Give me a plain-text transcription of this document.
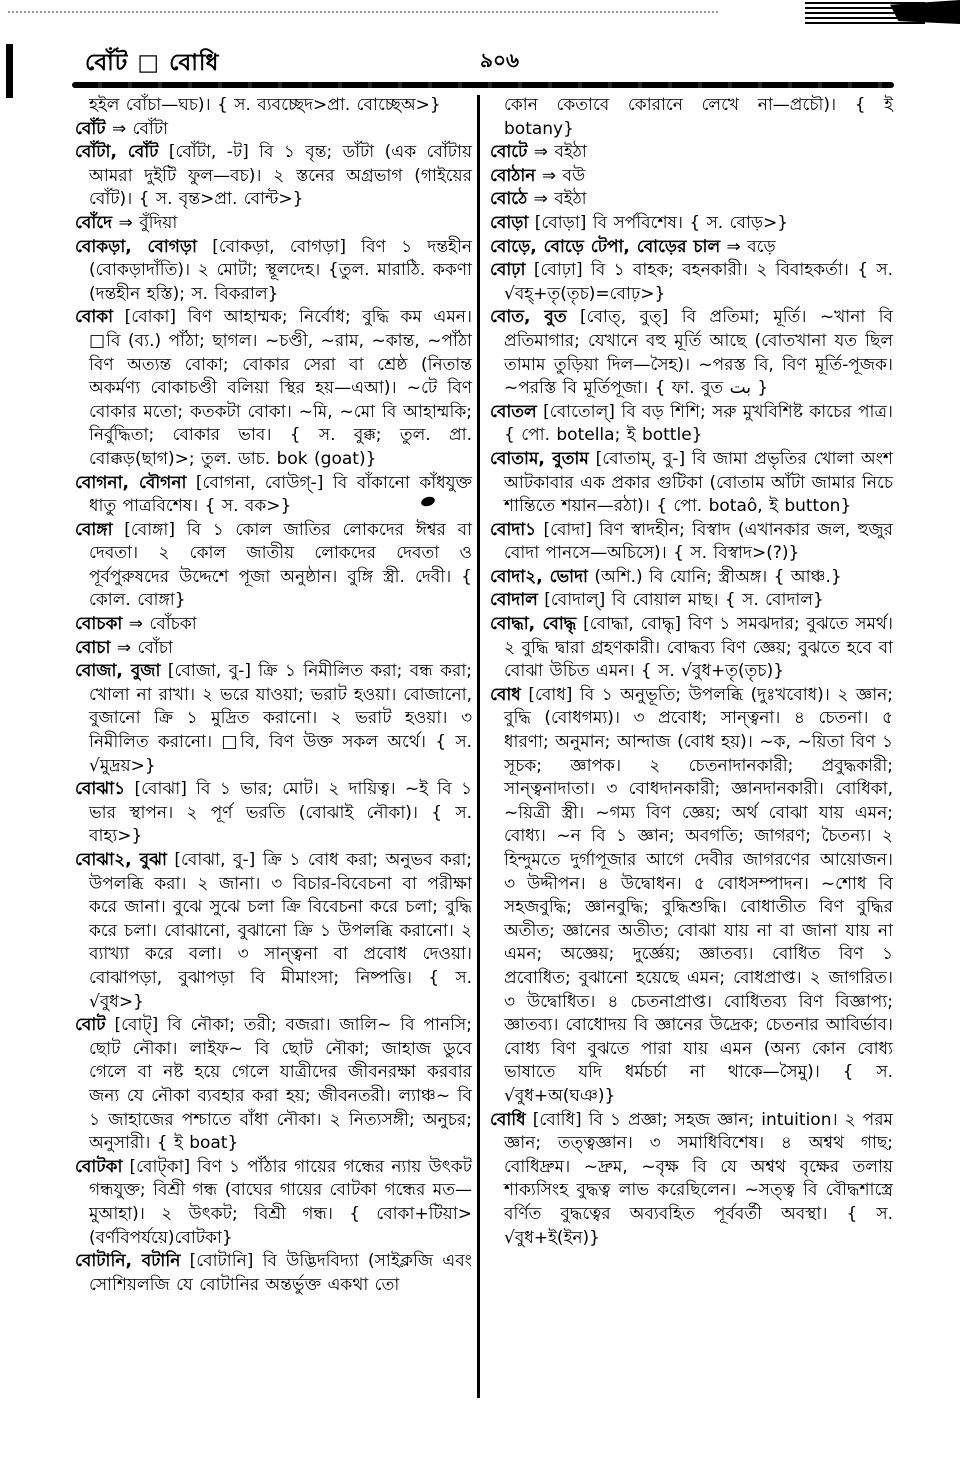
বোঁট □ বোধি	৯০৬

হইল বোঁচা—ঘচ)। { স. ব্যবচ্ছেদ>প্রা. বোচ্ছেঅ>}

বোঁট ⇒ বোঁটা

বোঁটা, বোঁট [বোঁটা, -ট] বি ১ বৃন্ত; ডাঁটা (এক বোঁটায় আমরা দুইটি ফুল—বচ)। ২ স্তনের অগ্রভাগ (গাইয়ের বোঁট)। { স. বৃন্ত>প্রা. বোন্ট>}

বোঁদে ⇒ বুঁদিয়া

বোকড়া, বোগড়া [বোকড়া, বোগড়া] বিণ ১ দন্তহীন (বোকড়াদাঁতি)। ২ মোটা; স্থূলদেহ। {তুল. মারাঠি. ককণা (দন্তহীন হস্তি); স. বিকরাল}

বোকা [বোকা] বিণ আহাম্মক; নির্বোধ; বুদ্ধি কম এমন। □বি (ব্য.) পাঁঠা; ছাগল। ~চণ্ডী, ~রাম, ~কান্ত, ~পাঁঠা বিণ অত্যন্ত বোকা; বোকার সেরা বা শ্রেষ্ঠ (নিতান্ত অকর্মণ্য বোকাচণ্ডী বলিয়া স্থির হয়—এআ)। ~টে বিণ বোকার মতো; কতকটা বোকা। ~মি, ~মো বি আহাম্মকি; নির্বুদ্ধিতা; বোকার ভাব। { স. বুক্ক; তুল. প্রা. বোক্কড়(ছাগ)>; তুল. ডাচ. bok (goat)}

বোগনা, বৌগনা [বোগনা, বোউগ্-] বি বাঁকানো কাঁধযুক্ত ধাতু পাত্রবিশেষ। { স. বক>}

বোঙ্গা [বোঙ্গা] বি ১ কোল জাতির লোকদের ঈশ্বর বা দেবতা। ২ কোল জাতীয় লোকদের দেবতা ও পূর্বপুরুষদের উদ্দেশে পূজা অনুষ্ঠান। বুঙ্গি স্ত্রী. দেবী। { কোল. বোঙ্গা}

বোচকা ⇒ বোঁচকা

বোচা ⇒ বোঁচা

বোজা, বুজা [বোজা, বু-] ক্রি ১ নিমীলিত করা; বন্ধ করা; খোলা না রাখা। ২ ভরে যাওয়া; ভরাট হওয়া। বোজানো, বুজানো ক্রি ১ মুদ্রিত করানো। ২ ভরাট হওয়া। ৩ নিমীলিত করানো। □বি, বিণ উক্ত সকল অর্থে। { স. √মুদ্রয়>}

বোঝা১ [বোঝা] বি ১ ভার; মোট। ২ দায়িত্ব। ~ই বি ১ ভার স্থাপন। ২ পূর্ণ ভরতি (বোঝাই নৌকা)। { স. বাহ্য>}

বোঝা২, বুঝা [বোঝা, বু-] ক্রি ১ বোধ করা; অনুভব করা; উপলব্ধি করা। ২ জানা। ৩ বিচার-বিবেচনা বা পরীক্ষা করে জানা। বুঝে সুঝে চলা ক্রি বিবেচনা করে চলা; বুদ্ধি করে চলা। বোঝানো, বুঝানো ক্রি ১ উপলব্ধি করানো। ২ ব্যাখ্যা করে বলা। ৩ সান্ত্বনা বা প্রবোধ দেওয়া। বোঝাপড়া, বুঝাপড়া বি মীমাংসা; নিষ্পত্তি। { স. √বুধ>}

বোট [বোট্] বি নৌকা; তরী; বজরা। জালি~ বি পানসি; ছোট নৌকা। লাইফ~ বি ছোট নৌকা; জাহাজ ডুবে গেলে বা নষ্ট হয়ে গেলে যাত্রীদের জীবনরক্ষা করবার জন্য যে নৌকা ব্যবহার করা হয়; জীবনতরী। ল্যাঞ্চ~ বি ১ জাহাজের পশ্চাতে বাঁধা নৌকা। ২ নিত্যসঙ্গী; অনুচর; অনুসারী। { ই boat}

বোটকা [বোট্কা] বিণ ১ পাঁঠার গায়ের গন্ধের ন্যায় উৎকট গন্ধযুক্ত; বিশ্রী গন্ধ (বাঘের গায়ের বোটকা গন্ধের মত—মুআহা)। ২ উৎকট; বিশ্রী গন্ধ। { বোকা+টিয়া> (বর্ণবিপর্যয়ে)বোটকা}

বোটানি, বটানি [বোটানি] বি উদ্ভিদবিদ্যা (সাইক্লজি এবং সোশিয়লজি যে বোটানির অন্তর্ভুক্ত একথা তো

কোন কেতাবে কোরানে লেখে না—প্রচৌ)। { ই botany}

বোটে ⇒ বইঠা

বোঠান ⇒ বউ

বোঠে ⇒ বইঠা

বোড়া [বোড়া] বি সর্পবিশেষ। { স. বোড়>}

বোড়ে, বোড়ে টেপা, বোড়ের চাল ⇒ বড়ে

বোঢ়া [বোঢ়া] বি ১ বাহক; বহনকারী। ২ বিবাহকর্তা। { স. √বহ্+তৃ(তৃচ)=বোঢ়>}

বোত, বুত [বোত্, বুত্] বি প্রতিমা; মূর্তি। ~খানা বি প্রতিমাগার; যেখানে বহু মূর্তি আছে (বোতখানা যত ছিল তামাম তুড়িয়া দিল—সৈহ)। ~পরস্ত বি, বিণ মূর্তি-পূজক। ~পরস্তি বি মূর্তিপূজা। { ফা. বুত بت }

বোতল [বোতোল্] বি বড় শিশি; সরু মুখবিশিষ্ট কাচের পাত্র। { পো. botella; ই bottle}

বোতাম, বুতাম [বোতাম্, বু-] বি জামা প্রভৃতির খোলা অংশ আটকাবার এক প্রকার গুটিকা (বোতাম আঁটা জামার নিচে শান্তিতে শয়ান—রঠা)। { পো. botaô, ই button}

বোদা১ [বোদা] বিণ স্বাদহীন; বিস্বাদ (এখানকার জল, হুজুর বোদা পানসে—অচিসে)। { স. বিস্বাদ>(?)}

বোদা২, ভোদা (অশি.) বি যোনি; স্ত্রীঅঙ্গ। { আঞ্চ.}

বোদাল [বোদাল্] বি বোয়াল মাছ। { স. বোদাল}

বোদ্ধা, বোদ্ধৃ [বোদ্ধা, বোদ্ধৃ] বিণ ১ সমঝদার; বুঝতে সমর্থ। ২ বুদ্ধি দ্বারা গ্রহণকারী। বোদ্ধব্য বিণ জ্ঞেয়; বুঝতে হবে বা বোঝা উচিত এমন। { স. √বুধ+তৃ(তৃচ)}

বোধ [বোধ] বি ১ অনুভূতি; উপলব্ধি (দুঃখবোধ)। ২ জ্ঞান; বুদ্ধি (বোধগম্য)। ৩ প্রবোধ; সান্ত্বনা। ৪ চেতনা। ৫ ধারণা; অনুমান; আন্দাজ (বোধ হয়)। ~ক, ~য়িতা বিণ ১ সূচক; জ্ঞাপক। ২ চেতনাদানকারী; প্রবুদ্ধকারী; সান্ত্বনাদাতা। ৩ বোধদানকারী; জ্ঞানদানকারী। বোধিকা, ~য়িত্রী স্ত্রী। ~গম্য বিণ জ্ঞেয়; অর্থ বোঝা যায় এমন; বোধ্য। ~ন বি ১ জ্ঞান; অবগতি; জাগরণ; চৈতন্য। ২ হিন্দুমতে দুর্গাপূজার আগে দেবীর জাগরণের আয়োজন। ৩ উদ্দীপন। ৪ উদ্বোধন। ৫ বোধসম্পাদন। ~শোধ বি সহজবুদ্ধি; জ্ঞানবুদ্ধি; বুদ্ধিশুদ্ধি। বোধাতীত বিণ বুদ্ধির অতীত; জ্ঞানের অতীত; বোঝা যায় না বা জানা যায় না এমন; অজ্ঞেয়; দুর্জ্ঞেয়; জ্ঞাতব্য। বোধিত বিণ ১ প্রবোধিত; বুঝানো হয়েছে এমন; বোধপ্রাপ্ত। ২ জাগরিত। ৩ উদ্বোধিত। ৪ চেতনাপ্রাপ্ত। বোধিতব্য বিণ বিজ্ঞাপ্য; জ্ঞাতব্য। বোধোদয় বি জ্ঞানের উদ্রেক; চেতনার আবির্ভাব। বোধ্য বিণ বুঝতে পারা যায় এমন (অন্য কোন বোধ্য ভাষাতে যদি ধর্মচর্চা না থাকে—সৈমু)। { স. √বুধ+অ(ঘঞ)}

বোধি [বোধি] বি ১ প্রজ্ঞা; সহজ জ্ঞান; intuition। ২ পরম জ্ঞান; তত্ত্বজ্ঞান। ৩ সমাধিবিশেষ। ৪ অশ্বথ গাছ; বোধিদ্রুম। ~দ্রুম, ~বৃক্ষ বি যে অশ্বথ বৃক্ষের তলায় শাক্যসিংহ বুদ্ধত্ব লাভ করেছিলেন। ~সত্ত্ব বি বৌদ্ধশাস্ত্রে বর্ণিত বুদ্ধত্বের অব্যবহিত পূর্ববর্তী অবস্থা। { স. √বুধ+ই(ইন)}
